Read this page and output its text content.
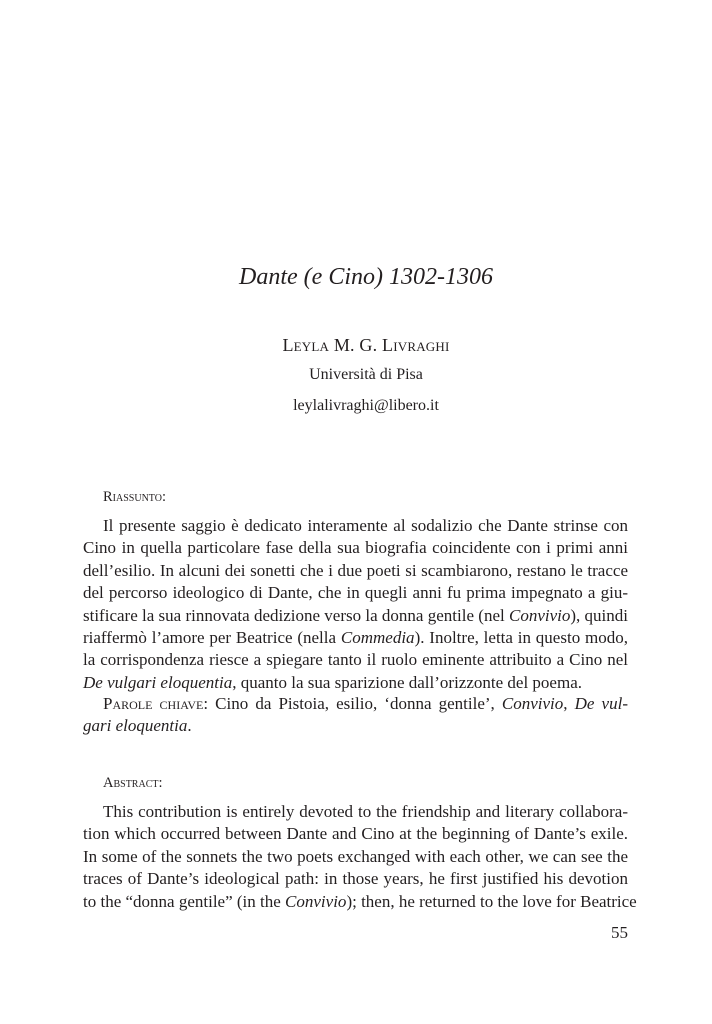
Dante (e Cino) 1302-1306
Leyla M. G. Livraghi
Università di Pisa
leylalivraghi@libero.it
Riassunto:
Il presente saggio è dedicato interamente al sodalizio che Dante strinse con
Cino in quella particolare fase della sua biografia coincidente con i primi anni
dell’esilio. In alcuni dei sonetti che i due poeti si scambiarono, restano le tracce
del percorso ideologico di Dante, che in quegli anni fu prima impegnato a giu-
stificare la sua rinnovata dedizione verso la donna gentile (nel Convivio), quindi
riaffermò l’amore per Beatrice (nella Commedia). Inoltre, letta in questo modo,
la corrispondenza riesce a spiegare tanto il ruolo eminente attribuito a Cino nel
De vulgari eloquentia, quanto la sua sparizione dall’orizzonte del poema.
Parole chiave: Cino da Pistoia, esilio, ‘donna gentile’, Convivio, De vul-
gari eloquentia.
Abstract:
This contribution is entirely devoted to the friendship and literary collabora-
tion which occurred between Dante and Cino at the beginning of Dante’s exile.
In some of the sonnets the two poets exchanged with each other, we can see the
traces of Dante’s ideological path: in those years, he first justified his devotion
to the “donna gentile” (in the Convivio); then, he returned to the love for Beatrice
55
